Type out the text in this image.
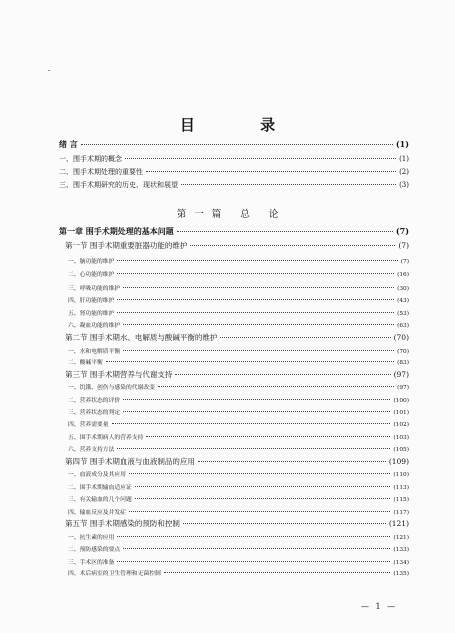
目 录
第一篇 总 论
绪 言	(1)
一、围手术期的概念	(1)
二、围手术期处理的重要性	(2)
三、围手术期研究的历史、现状和展望	(3)
第一章 围手术期处理的基本问题	(7)
第一节 围手术期重要脏器功能的维护	(7)
一、脑功能的维护	(7)
二、心功能的维护	(16)
三、呼吸功能的维护	(30)
四、肝功能的维护	(43)
五、肾功能的维护	(53)
六、凝血功能的维护	(63)
第二节 围手术期水、电解质与酸碱平衡的维护	(70)
一、水和电解质平衡	(70)
二、酸碱平衡	(83)
第三节 围手术期营养与代谢支持	(97)
一、饥饿、创伤与感染的代谢改变	(97)
二、营养状态的评价	(100)
三、营养状态的判定	(101)
四、营养需要量	(102)
五、围手术期病人的营养支持	(103)
六、营养支持方法	(105)
第四节 围手术期血液与血液制品的应用	(109)
一、血液成分及其应用	(110)
二、围手术期输血适应证	(113)
三、有关输血的几个问题	(115)
四、输血反应及并发症	(117)
第五节 围手术期感染的预防和控制	(121)
一、抗生素的应用	(121)
二、预防感染的要点	(133)
三、手术区的准备	(134)
四、术后病室的卫生管理和无菌控制	(135)
— 1 —
